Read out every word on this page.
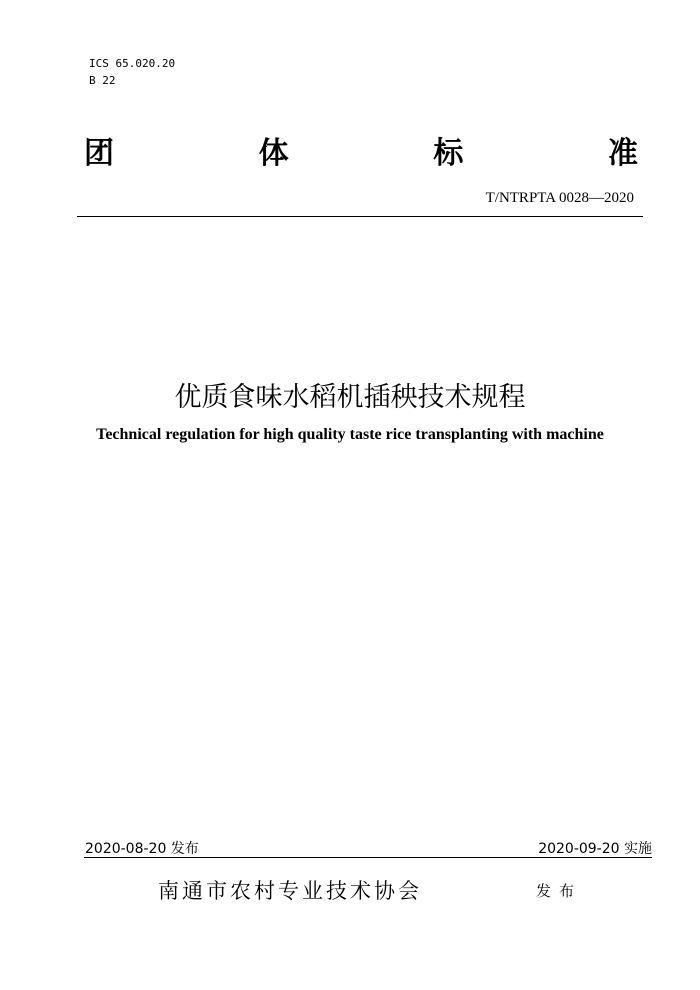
ICS 65.020.20
B 22
团	体	标	准
T/NTRPTA 0028—2020
优质食味水稻机插秧技术规程
Technical regulation for high quality taste rice transplanting with machine
2020-08-20 发布	2020-09-20 实施
南通市农村专业技术协会	发布
